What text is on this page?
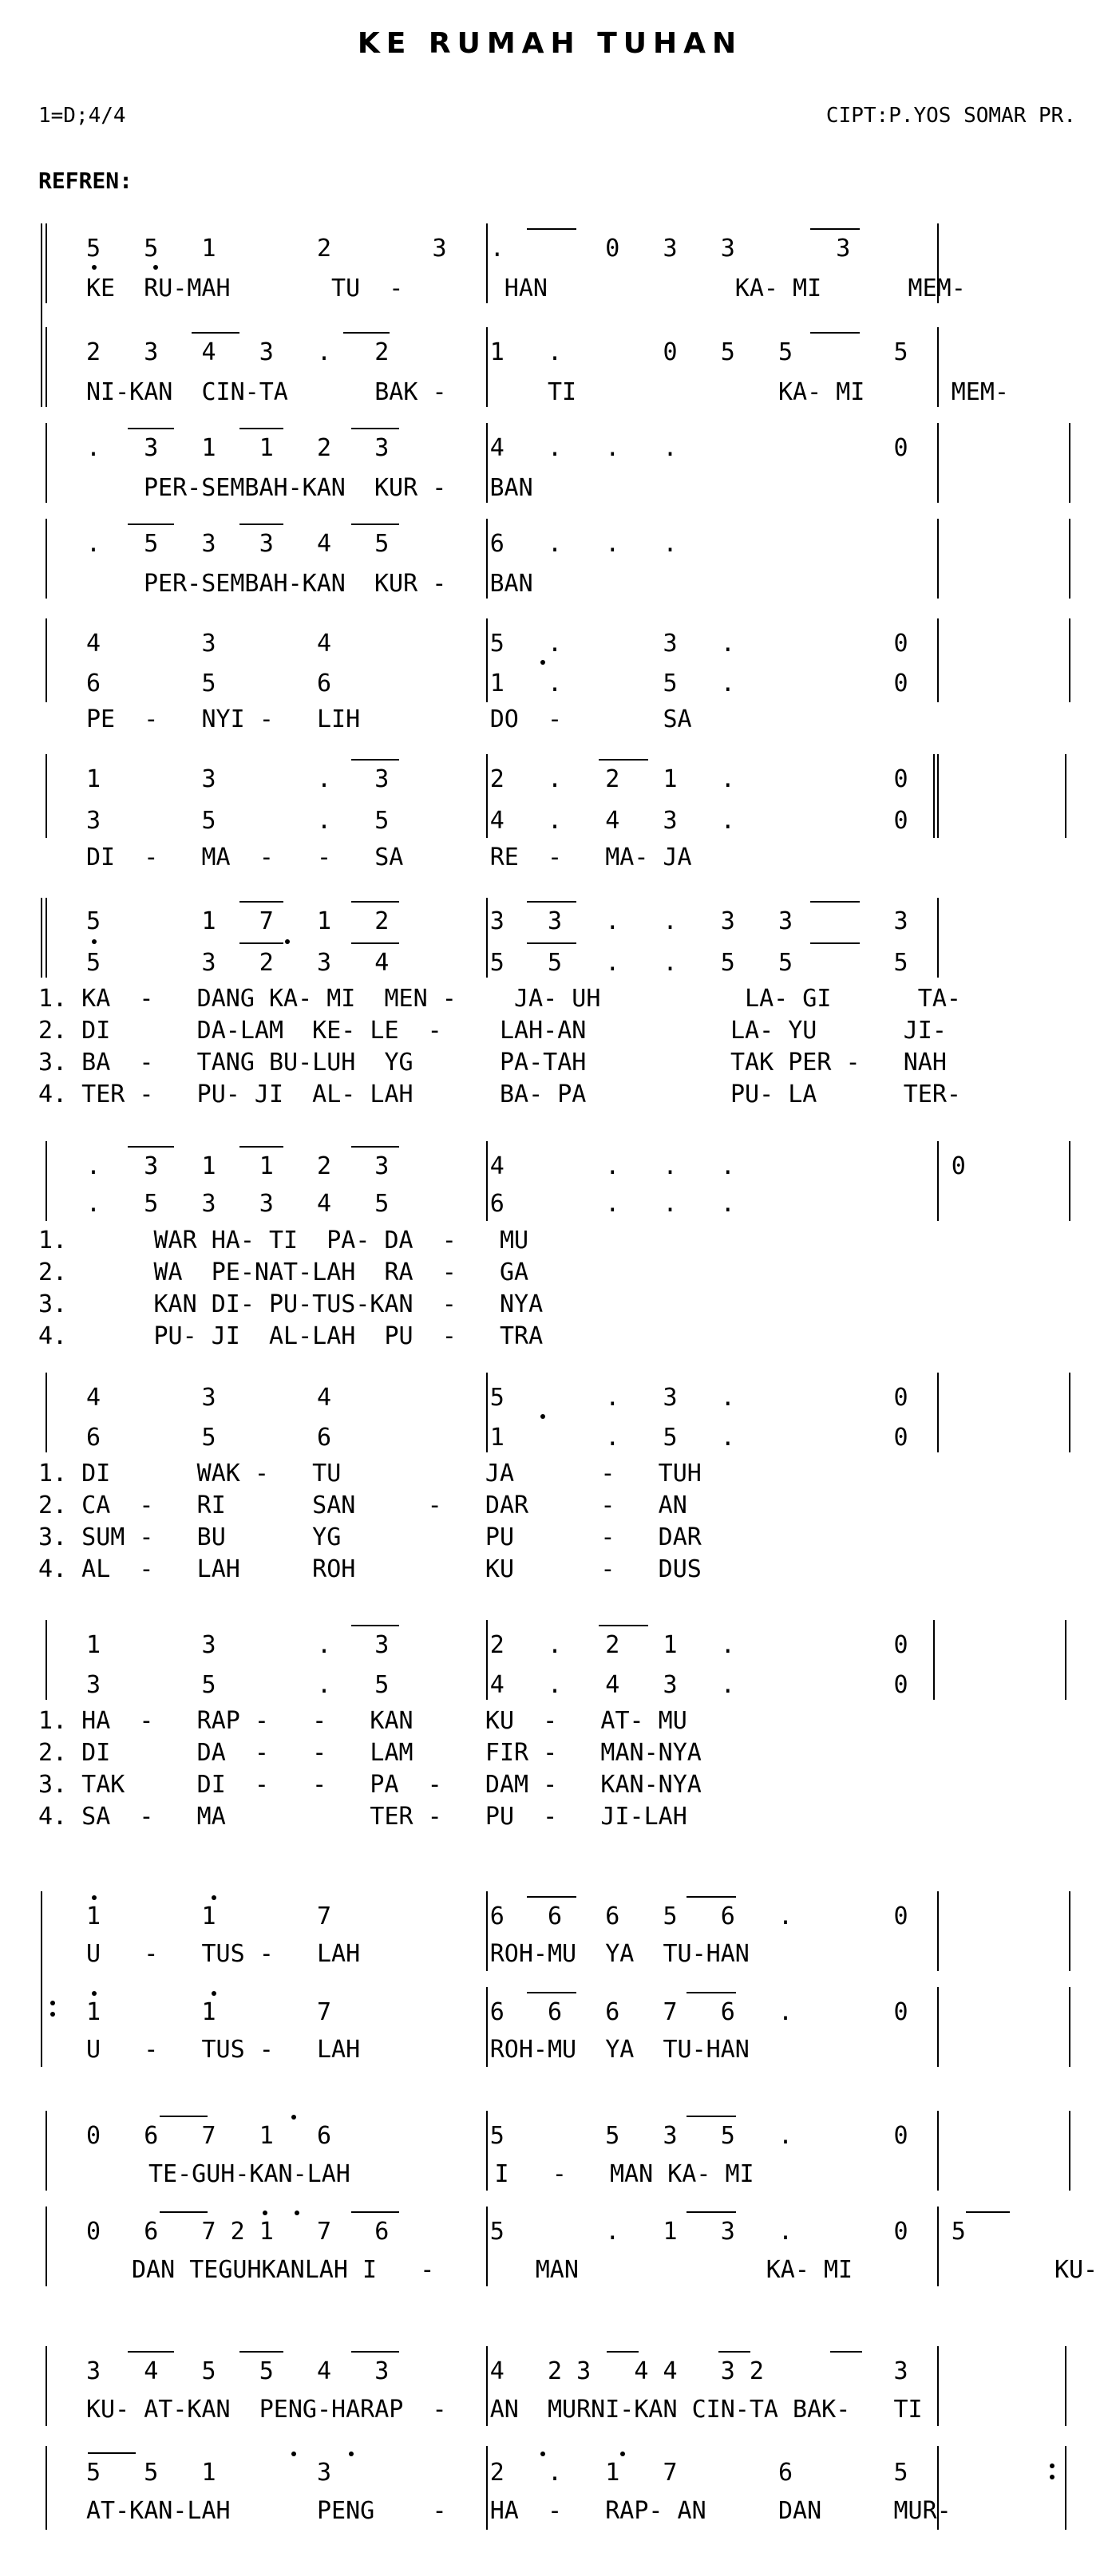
KE RUMAH TUHAN
1=D;4/4	CIPT:P.YOS SOMAR PR.
REFREN:
5   5   1       2       3   .       0   3   3       3
KE  RU-MAH       TU  -       HAN             KA- MI      MEM-
2   3   4   3   .   2       1   .       0   5   5       5
NI-KAN  CIN-TA      BAK -       TI              KA- MI      MEM-
.   3   1   1   2   3       4   .   .   .               0
PER-SEMBAH-KAN  KUR -   BAN
.   5   3   3   4   5       6   .   .   .
PER-SEMBAH-KAN  KUR -   BAN
4       3       4           5   .       3   .           0
6       5       6           1   .       5   .           0
PE  -   NYI -   LIH         DO  -       SA
1       3       .   3       2   .   2   1   .           0
3       5       .   5       4   .   4   3   .           0
DI  -   MA  -   -   SA      RE  -   MA- JA
5       1   7   1   2       3   3   .   .   3   3       3
5       3   2   3   4       5   5   .   .   5   5       5
1. KA  -   DANG KA- MI  MEN -    JA- UH          LA- GI      TA-
2. DI      DA-LAM  KE- LE  -    LAH-AN          LA- YU      JI-
3. BA  -   TANG BU-LUH  YG      PA-TAH          TAK PER -   NAH
4. TER -   PU- JI  AL- LAH      BA- PA          PU- LA      TER-
.   3   1   1   2   3       4       .   .   .               0
.   5   3   3   4   5       6       .   .   .
1.      WAR HA- TI  PA- DA  -   MU
2.      WA  PE-NAT-LAH  RA  -   GA
3.      KAN DI- PU-TUS-KAN  -   NYA
4.      PU- JI  AL-LAH  PU  -   TRA
4       3       4           5       .   3   .           0
6       5       6           1       .   5   .           0
1. DI      WAK -   TU          JA      -   TUH
2. CA  -   RI      SAN     -   DAR     -   AN
3. SUM -   BU      YG          PU      -   DAR
4. AL  -   LAH     ROH         KU      -   DUS
1       3       .   3       2   .   2   1   .           0
3       5       .   5       4   .   4   3   .           0
1. HA  -   RAP -   -   KAN     KU  -   AT- MU
2. DI      DA  -   -   LAM     FIR -   MAN-NYA
3. TAK     DI  -   -   PA  -   DAM -   KAN-NYA
4. SA  -   MA          TER -   PU  -   JI-LAH
1       1       7           6   6   6   5   6   .       0
U   -   TUS -   LAH         ROH-MU  YA  TU-HAN
1       1       7           6   6   6   7   6   .       0
U   -   TUS -   LAH         ROH-MU  YA  TU-HAN
0   6   7   1   6           5       5   3   5   .       0
TE-GUH-KAN-LAH          I   -   MAN KA- MI
0   6   7 2 1   7   6       5       .   1   3   .       0   5
DAN TEGUHKANLAH I   -       MAN             KA- MI              KU-
3   4   5   5   4   3       4   2 3   4 4   3 2         3
KU- AT-KAN  PENG-HARAP  -   AN  MURNI-KAN CIN-TA BAK-   TI
5   5   1       3           2   .   1   7       6       5
AT-KAN-LAH      PENG    -   HA  -   RAP- AN     DAN     MUR-
